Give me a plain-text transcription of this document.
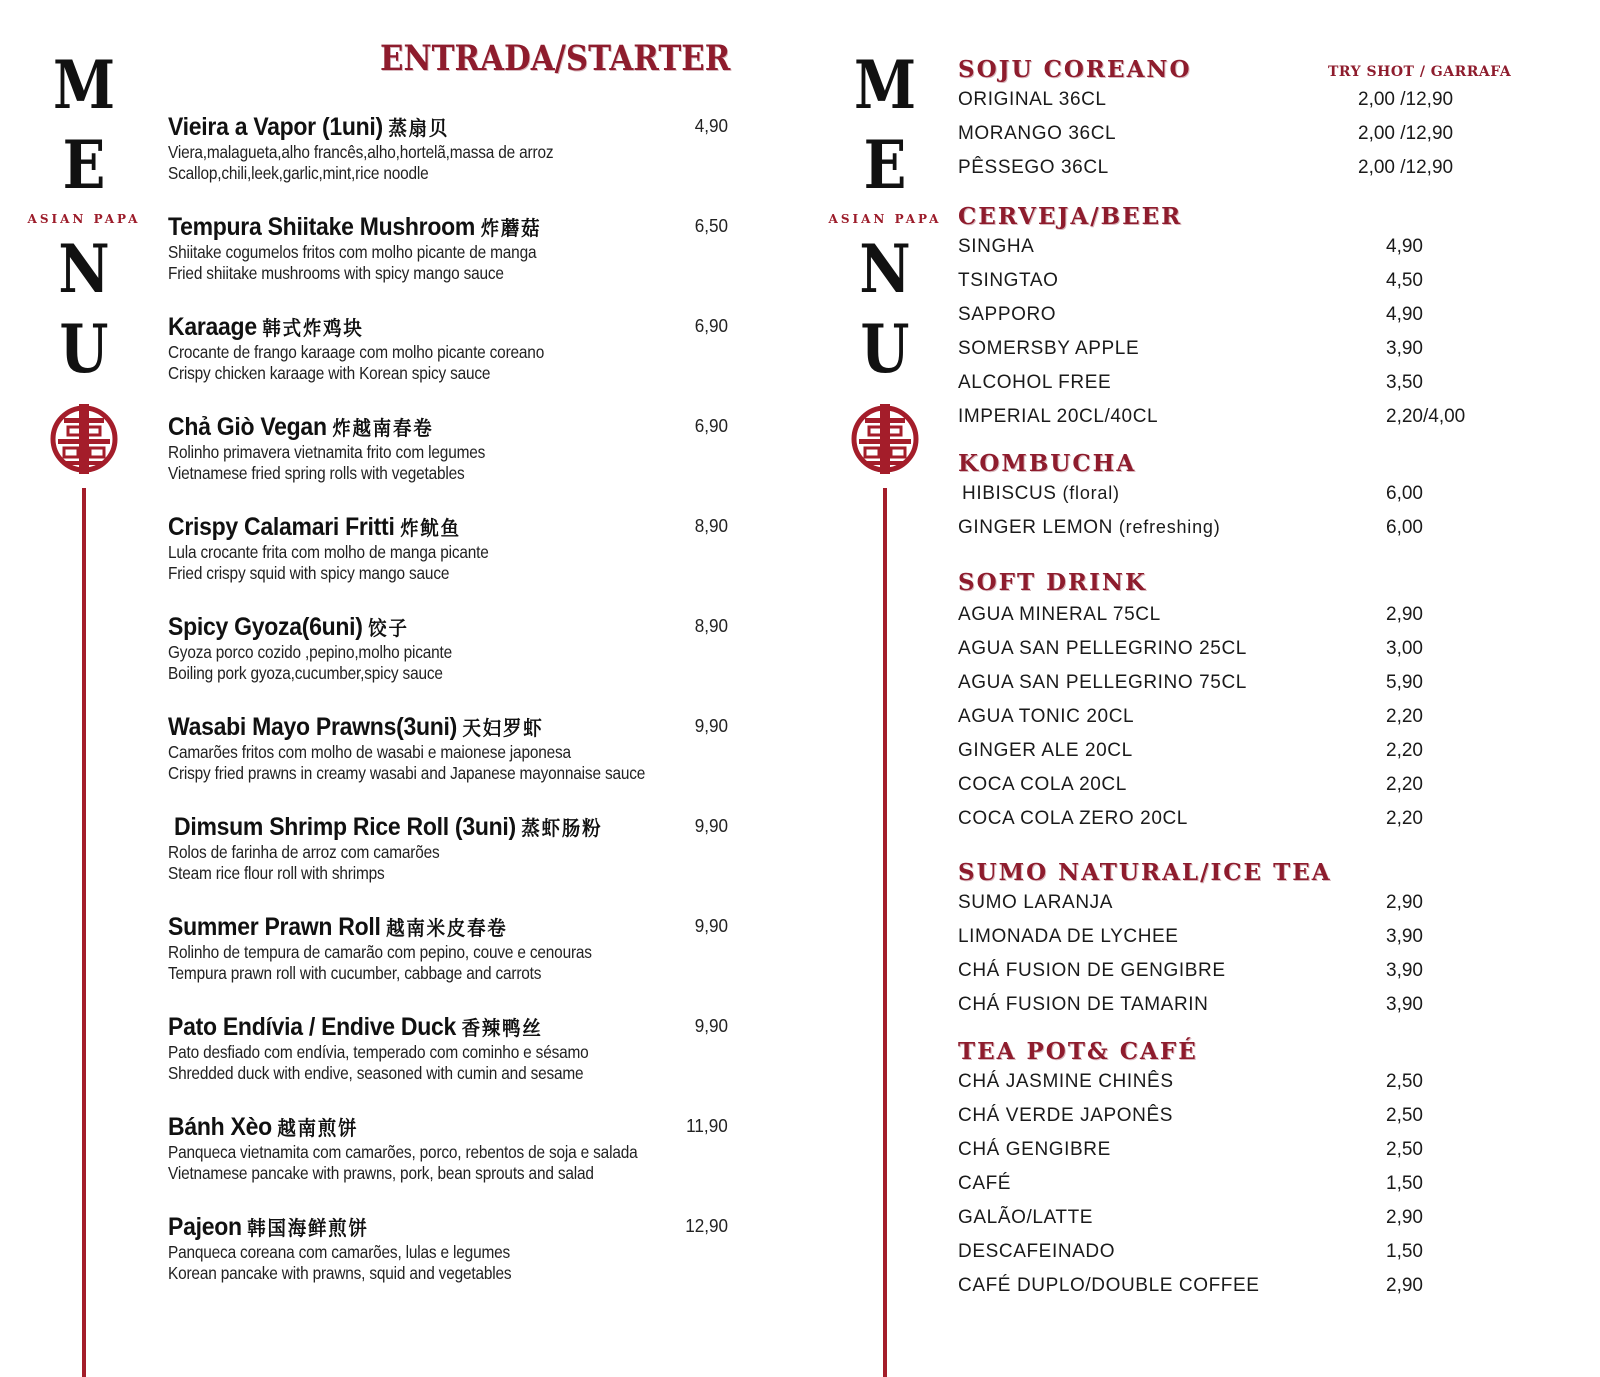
M
E
ASIAN PAPA
N
U
ENTRADA/STARTER
Vieira a Vapor (1uni) 蒸扇贝	4,90
Viera,malagueta,alho francês,alho,hortelã,massa de arroz
Scallop,chili,leek,garlic,mint,rice noodle
Tempura Shiitake Mushroom 炸蘑菇	6,50
Shiitake cogumelos fritos com molho picante de manga
Fried shiitake mushrooms with spicy mango sauce
Karaage 韩式炸鸡块	6,90
Crocante de frango karaage com molho picante coreano
Crispy chicken karaage with Korean spicy sauce
Chả Giò Vegan 炸越南春卷	6,90
Rolinho primavera vietnamita frito com legumes
Vietnamese fried spring rolls with vegetables
Crispy Calamari Fritti 炸鱿鱼	8,90
Lula crocante frita com molho de manga picante
Fried crispy squid with spicy mango sauce
Spicy Gyoza(6uni) 饺子	8,90
Gyoza porco cozido ,pepino,molho picante
Boiling pork gyoza,cucumber,spicy sauce
Wasabi Mayo Prawns(3uni) 天妇罗虾	9,90
Camarões fritos com molho de wasabi e maionese japonesa
Crispy fried prawns in creamy wasabi and Japanese mayonnaise sauce
Dimsum Shrimp Rice Roll (3uni) 蒸虾肠粉	9,90
Rolos de farinha de arroz com camarões
Steam rice flour roll with shrimps
Summer Prawn Roll 越南米皮春卷	9,90
Rolinho de tempura de camarão com pepino, couve e cenouras
Tempura prawn roll with cucumber, cabbage and carrots
Pato Endívia / Endive Duck 香辣鸭丝	9,90
Pato desfiado com endívia, temperado com cominho e sésamo
Shredded duck with endive, seasoned with cumin and sesame
Bánh Xèo 越南煎饼	11,90
Panqueca vietnamita com camarões, porco, rebentos de soja e salada
Vietnamese pancake with prawns, pork, bean sprouts and salad
Pajeon 韩国海鲜煎饼	12,90
Panqueca coreana com camarões, lulas e legumes
Korean pancake with prawns, squid and vegetables
M
E
ASIAN PAPA
N
U
SOJU COREANO	TRY SHOT / GARRAFA
ORIGINAL 36CL	2,00 /12,90
MORANGO 36CL	2,00 /12,90
PÊSSEGO 36CL	2,00 /12,90
CERVEJA/BEER
SINGHA	4,90
TSINGTAO	4,50
SAPPORO	4,90
SOMERSBY APPLE	3,90
ALCOHOL FREE	3,50
IMPERIAL 20CL/40CL	2,20/4,00
KOMBUCHA
HIBISCUS (floral)	6,00
GINGER LEMON (refreshing)	6,00
SOFT DRINK
AGUA MINERAL 75CL	2,90
AGUA SAN PELLEGRINO 25CL	3,00
AGUA SAN PELLEGRINO 75CL	5,90
AGUA TONIC 20CL	2,20
GINGER ALE 20CL	2,20
COCA COLA 20CL	2,20
COCA COLA ZERO 20CL	2,20
SUMO NATURAL/ICE TEA
SUMO LARANJA	2,90
LIMONADA DE LYCHEE	3,90
CHÁ FUSION DE GENGIBRE	3,90
CHÁ FUSION DE TAMARIN	3,90
TEA POT& CAFÉ
CHÁ JASMINE CHINÊS	2,50
CHÁ VERDE JAPONÊS	2,50
CHÁ GENGIBRE	2,50
CAFÉ	1,50
GALÃO/LATTE	2,90
DESCAFEINADO	1,50
CAFÉ DUPLO/DOUBLE COFFEE	2,90
